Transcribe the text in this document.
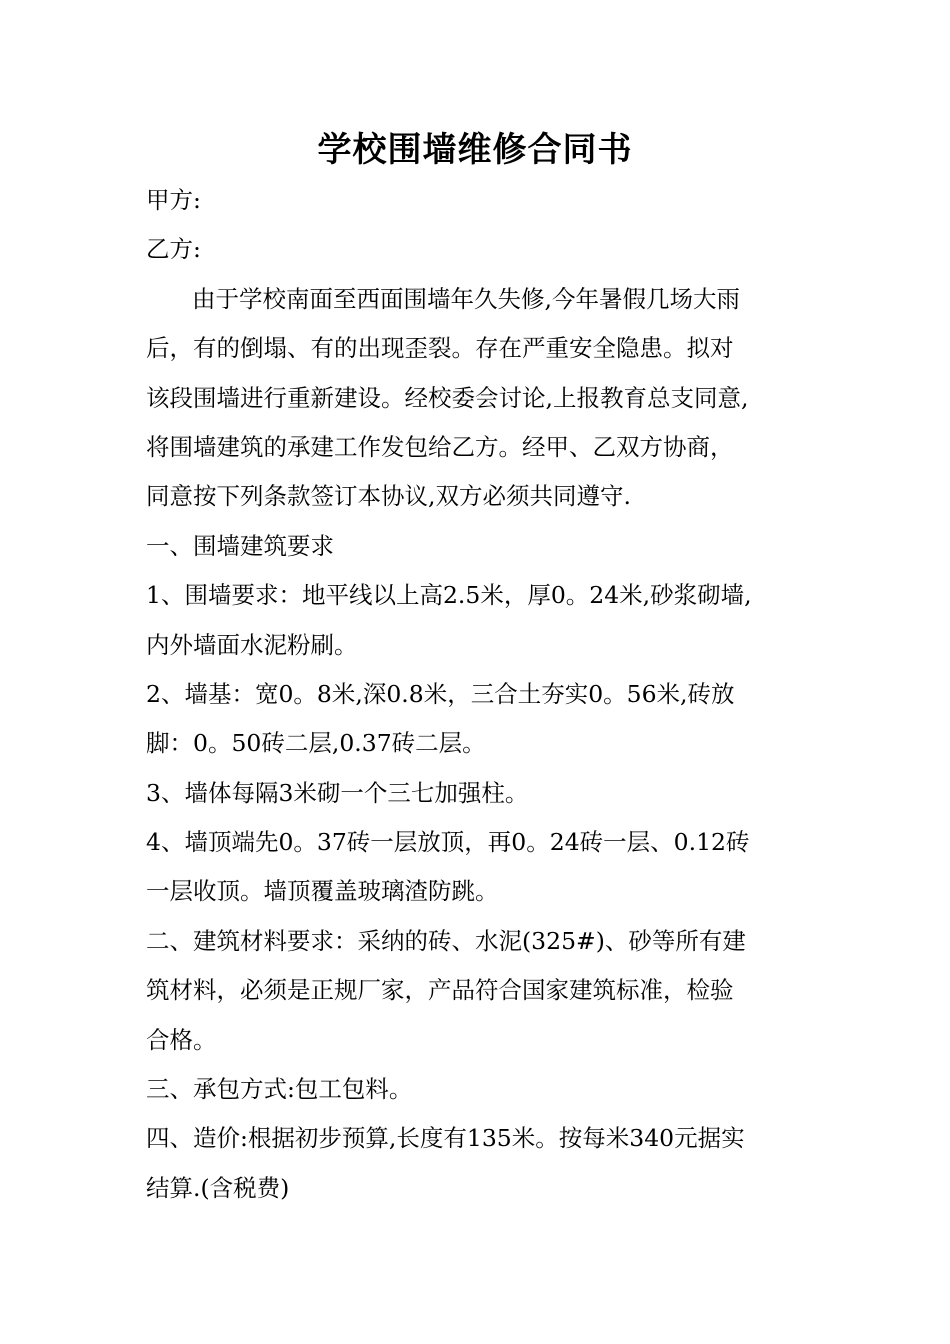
学校围墙维修合同书
甲方:
乙方:
由于学校南面至西面围墙年久失修,今年暑假几场大雨
后，有的倒塌、有的出现歪裂。存在严重安全隐患。拟对
该段围墙进行重新建设。经校委会讨论,上报教育总支同意,
将围墙建筑的承建工作发包给乙方。经甲、乙双方协商，
同意按下列条款签订本协议,双方必须共同遵守.
一、围墙建筑要求
1、围墙要求：地平线以上高2.5米，厚0。24米,砂浆砌墙,
内外墙面水泥粉刷。
2、墙基：宽0。8米,深0.8米，三合土夯实0。56米,砖放
脚：0。50砖二层,0.37砖二层。
3、墙体每隔3米砌一个三七加强柱。
4、墙顶端先0。37砖一层放顶，再0。24砖一层、0.12砖
一层收顶。墙顶覆盖玻璃渣防跳。
二、建筑材料要求：采纳的砖、水泥(325#)、砂等所有建
筑材料，必须是正规厂家，产品符合国家建筑标准，检验
合格。
三、承包方式:包工包料。
四、造价:根据初步预算,长度有135米。按每米340元据实
结算.(含税费)
